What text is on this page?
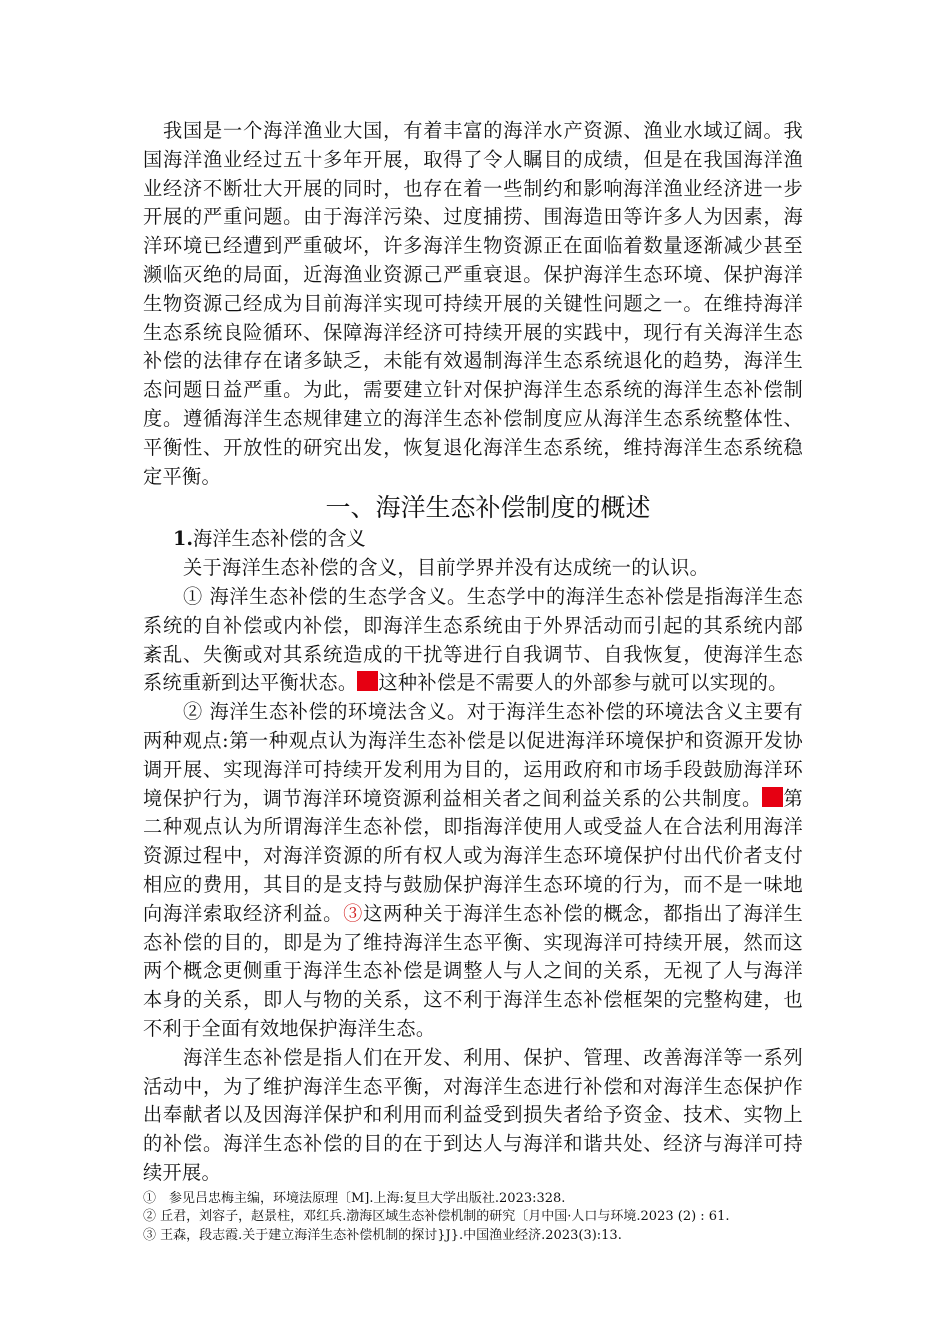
我国是一个海洋渔业大国，有着丰富的海洋水产资源、渔业水域辽阔。我国海洋渔业经过五十多年开展，取得了令人瞩目的成绩，但是在我国海洋渔业经济不断壮大开展的同时，也存在着一些制约和影响海洋渔业经济进一步开展的严重问题。由于海洋污染、过度捕捞、围海造田等许多人为因素，海洋环境已经遭到严重破坏，许多海洋生物资源正在面临着数量逐渐减少甚至濒临灭绝的局面，近海渔业资源己严重衰退。保护海洋生态环境、保护海洋生物资源己经成为目前海洋实现可持续开展的关键性问题之一。在维持海洋生态系统良险循环、保障海洋经济可持续开展的实践中，现行有关海洋生态补偿的法律存在诸多缺乏，未能有效遏制海洋生态系统退化的趋势，海洋生态问题日益严重。为此，需要建立针对保护海洋生态系统的海洋生态补偿制度。遵循海洋生态规律建立的海洋生态补偿制度应从海洋生态系统整体性、平衡性、开放性的研究出发，恢复退化海洋生态系统，维持海洋生态系统稳定平衡。

一、海洋生态补偿制度的概述

1.海洋生态补偿的含义

关于海洋生态补偿的含义，目前学界并没有达成统一的认识。

① 海洋生态补偿的生态学含义。生态学中的海洋生态补偿是指海洋生态系统的自补偿或内补偿，即海洋生态系统由于外界活动而引起的其系统内部紊乱、失衡或对其系统造成的干扰等进行自我调节、自我恢复，使海洋生态系统重新到达平衡状态。 这种补偿是不需要人的外部参与就可以实现的。

② 海洋生态补偿的环境法含义。对于海洋生态补偿的环境法含义主要有两种观点:第一种观点认为海洋生态补偿是以促进海洋环境保护和资源开发协调开展、实现海洋可持续开发利用为目的，运用政府和市场手段鼓励海洋环境保护行为，调节海洋环境资源利益相关者之间利益关系的公共制度。 第二种观点认为所谓海洋生态补偿，即指海洋使用人或受益人在合法利用海洋资源过程中，对海洋资源的所有权人或为海洋生态环境保护付出代价者支付相应的费用，其目的是支持与鼓励保护海洋生态环境的行为，而不是一味地向海洋索取经济利益。③这两种关于海洋生态补偿的概念，都指出了海洋生态补偿的目的，即是为了维持海洋生态平衡、实现海洋可持续开展，然而这两个概念更侧重于海洋生态补偿是调整人与人之间的关系，无视了人与海洋本身的关系，即人与物的关系，这不利于海洋生态补偿框架的完整构建，也不利于全面有效地保护海洋生态。

海洋生态补偿是指人们在开发、利用、保护、管理、改善海洋等一系列活动中，为了维护海洋生态平衡，对海洋生态进行补偿和对海洋生态保护作出奉献者以及因海洋保护和利用而利益受到损失者给予资金、技术、实物上的补偿。海洋生态补偿的目的在于到达人与海洋和谐共处、经济与海洋可持续开展。

①　参见吕忠梅主编，环境法原理〔M].上海:复旦大学出版社.2023:328.

② 丘君，刘容子，赵景柱，邓红兵.渤海区域生态补偿机制的研究〔月中国·人口与环境.2023 (2) : 61.

③ 王森，段志霞.关于建立海洋生态补偿机制的探讨}J}.中国渔业经济.2023(3):13.
